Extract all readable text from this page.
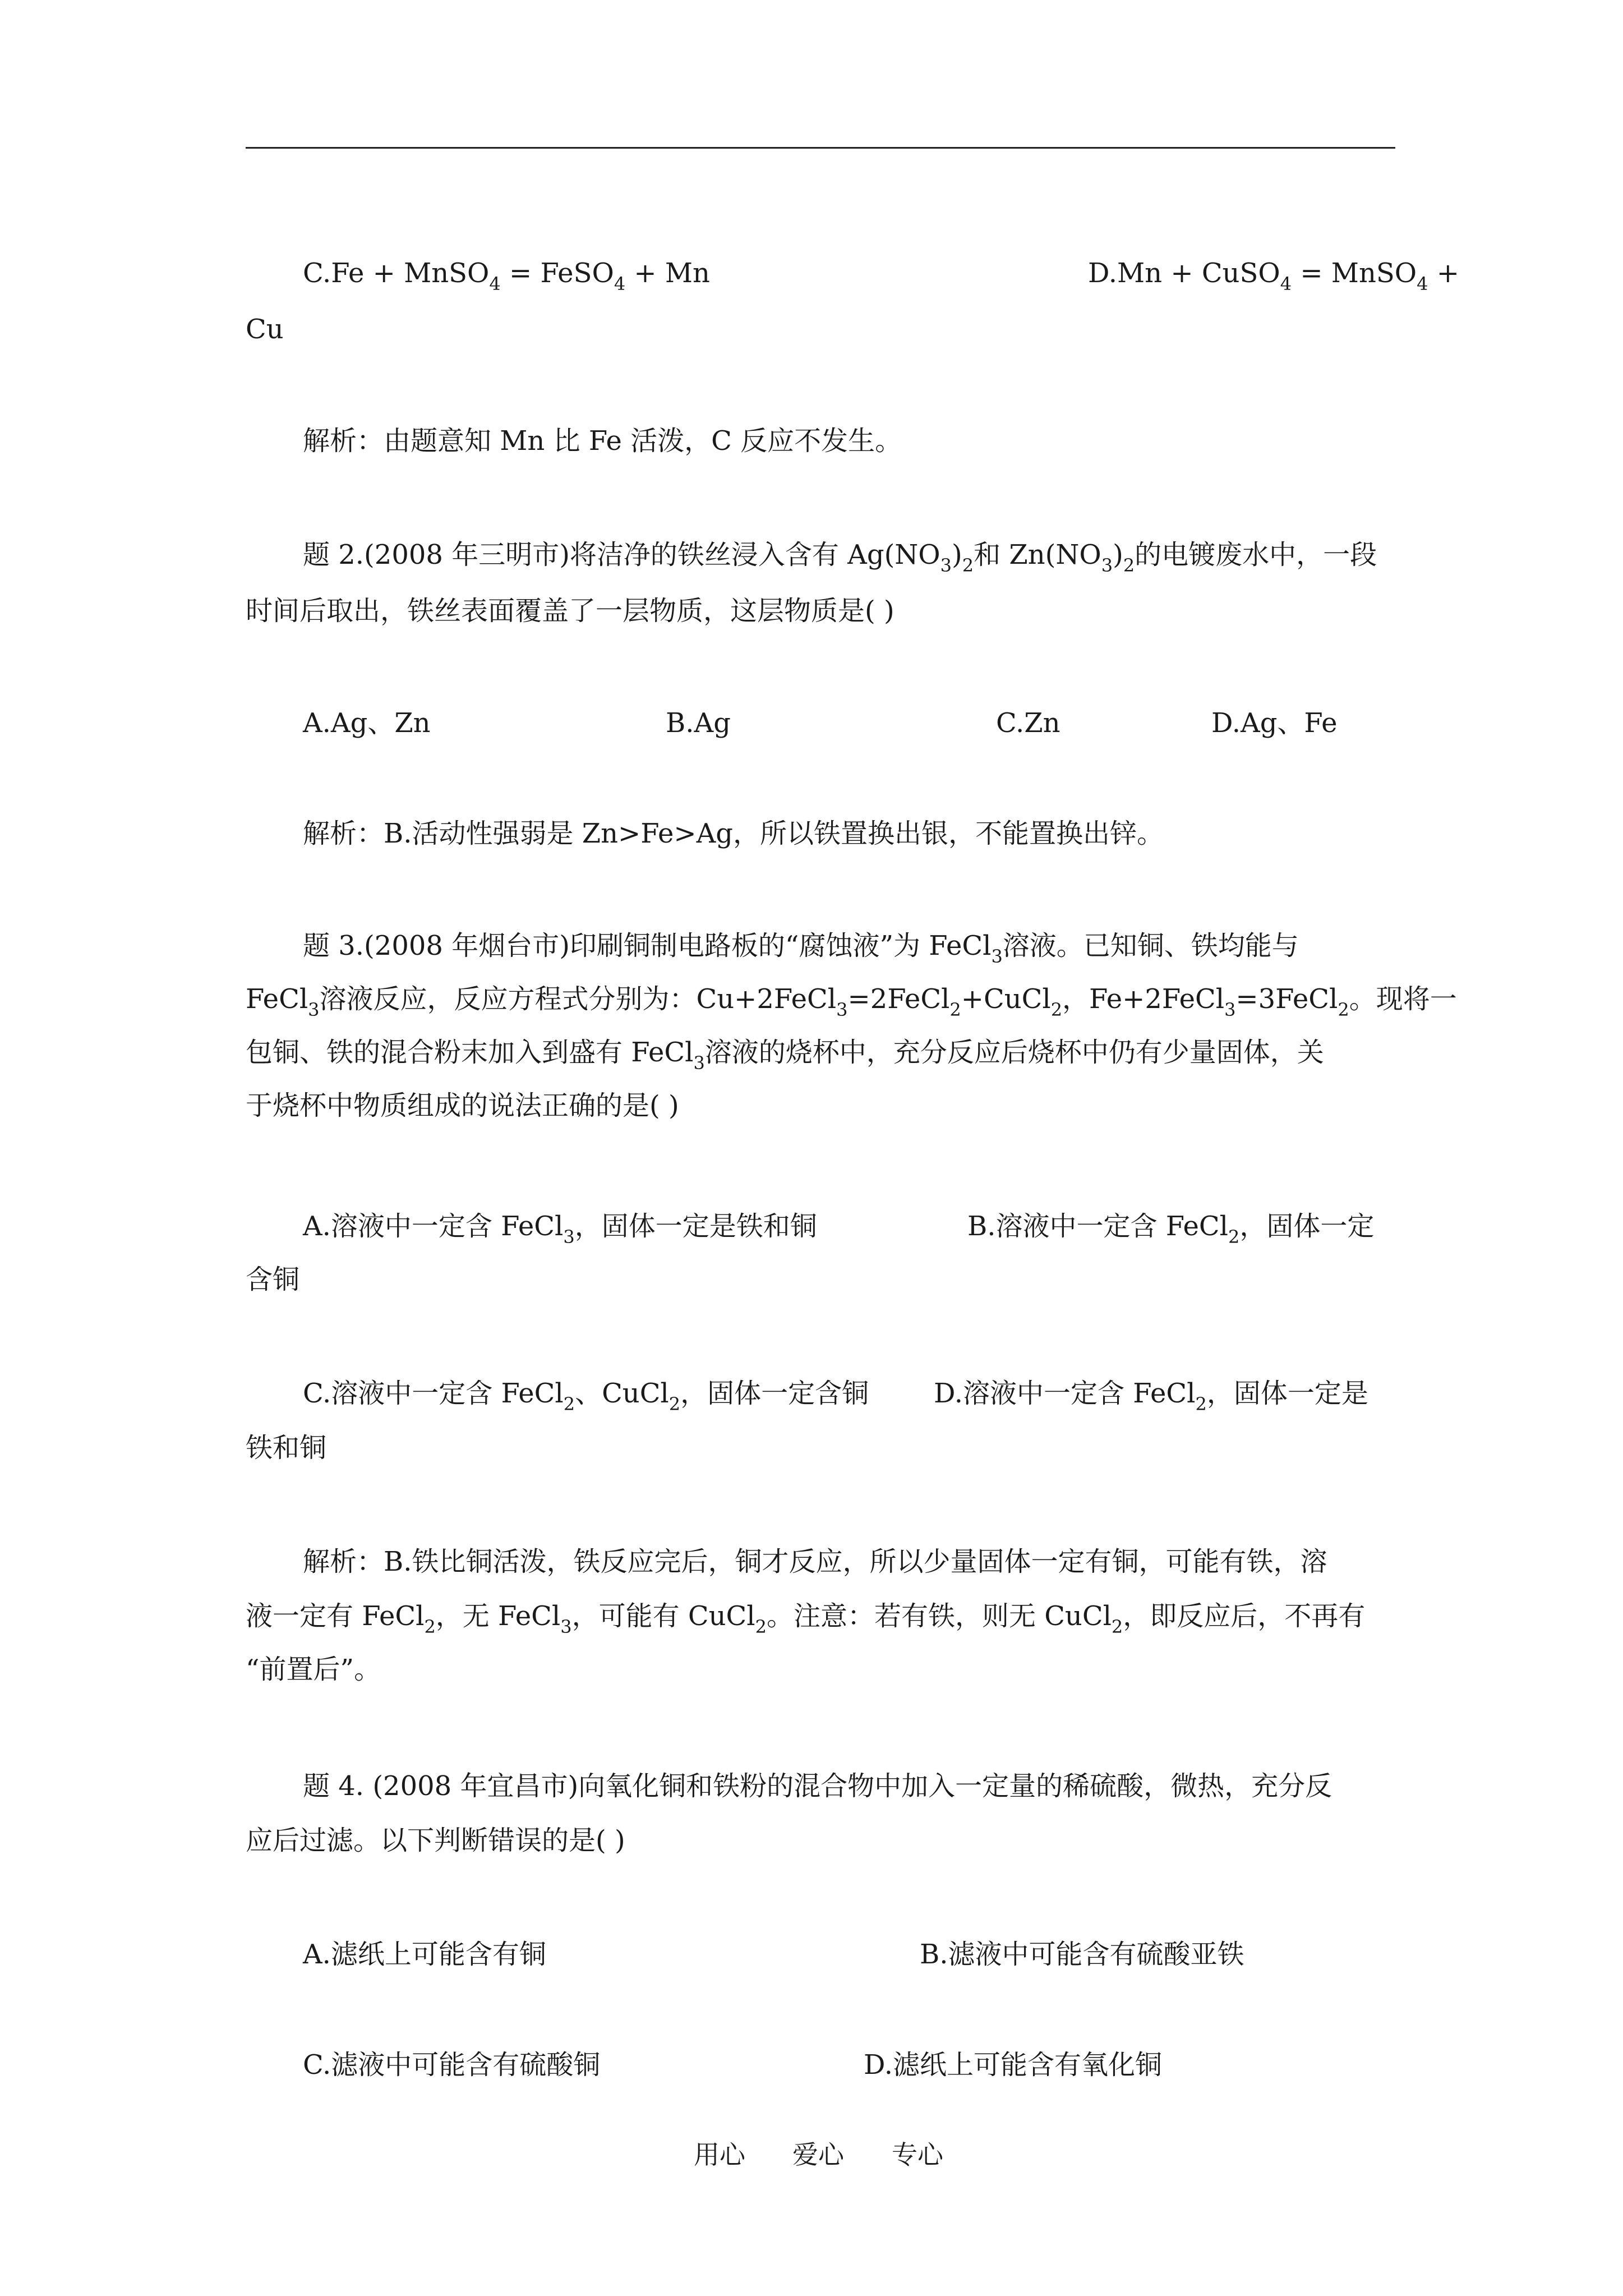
C.Fe + MnSO$_4$ = FeSO$_4$ + Mn	D.Mn + CuSO$_4$ = MnSO$_4$ +
Cu
解析：由题意知 Mn 比 Fe 活泼，C 反应不发生。
题 2.(2008 年三明市)将洁净的铁丝浸入含有 $Ag(NO_3)_2$和 $Zn(NO_3)_2$的电镀废水中，一段
时间后取出，铁丝表面覆盖了一层物质，这层物质是( )
A.Ag、Zn	B.Ag	C.Zn	D.Ag、Fe
解析：B.活动性强弱是 Zn>Fe>Ag，所以铁置换出银，不能置换出锌。
题 3.(2008 年烟台市)印刷铜制电路板的“腐蚀液”为 FeCl$_3$溶液。已知铜、铁均能与
FeCl$_3$溶液反应，反应方程式分别为：Cu+2FeCl$_3$=2FeCl$_2$+CuCl$_2$，Fe+2FeCl$_3$=3FeCl$_2$。现将一
包铜、铁的混合粉末加入到盛有 FeCl$_3$溶液的烧杯中，充分反应后烧杯中仍有少量固体，关
于烧杯中物质组成的说法正确的是( )
A.溶液中一定含 FeCl$_3$，固体一定是铁和铜	B.溶液中一定含 FeCl$_2$，固体一定
含铜
C.溶液中一定含 FeCl$_2$、CuCl$_2$，固体一定含铜 D.溶液中一定含 FeCl$_2$，固体一定是
铁和铜
解析：B.铁比铜活泼，铁反应完后，铜才反应，所以少量固体一定有铜，可能有铁，溶
液一定有 FeCl$_2$，无 FeCl$_3$，可能有 CuCl$_2$。注意：若有铁，则无 CuCl$_2$，即反应后，不再有
“前置后”。
题 4. (2008 年宜昌市)向氧化铜和铁粉的混合物中加入一定量的稀硫酸，微热，充分反
应后过滤。以下判断错误的是( )
A.滤纸上可能含有铜	B.滤液中可能含有硫酸亚铁
C.滤液中可能含有硫酸铜	D.滤纸上可能含有氧化铜
用心 爱心 专心
